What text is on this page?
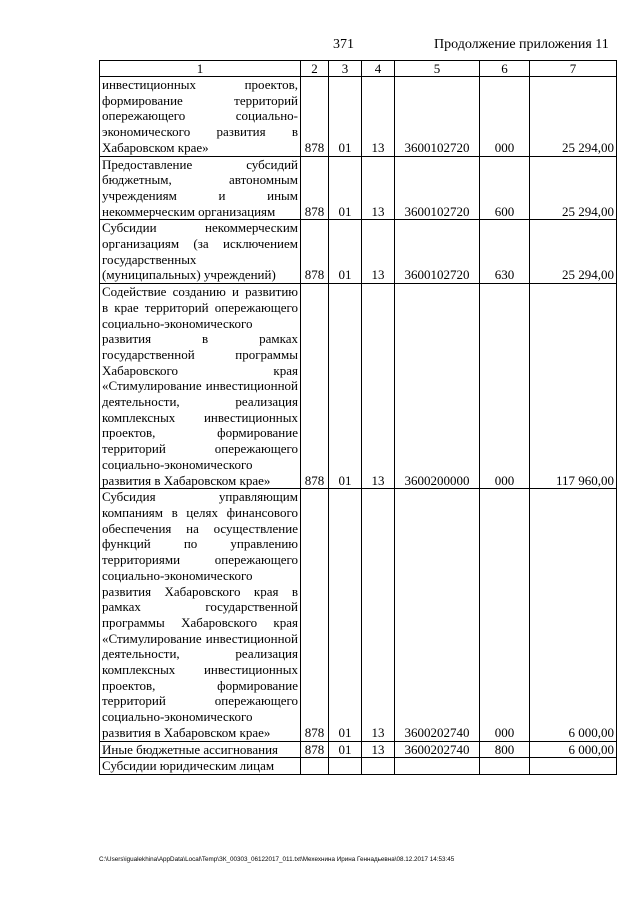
371	Продолжение приложения 11
1	2	3	4	5	6	7
инвестиционных проектов, формирование территорий опережающего социально-экономического развития в Хабаровском крае»	878	01	13	3600102720	000	25 294,00
Предоставление субсидий бюджетным, автономным учреждениям и иным некоммерческим организациям	878	01	13	3600102720	600	25 294,00
Субсидии некоммерческим организациям (за исключением государственных (муниципальных) учреждений)	878	01	13	3600102720	630	25 294,00
Содействие созданию и развитию в крае территорий опережающего социально-экономического развития в рамках государственной программы Хабаровского края «Стимулирование инвестиционной деятельности, реализация комплексных инвестиционных проектов, формирование территорий опережающего социально-экономического развития в Хабаровском крае»	878	01	13	3600200000	000	117 960,00
Субсидия управляющим компаниям в целях финансового обеспечения на осуществление функций по управлению территориями опережающего социально-экономического развития Хабаровского края в рамках государственной программы Хабаровского края «Стимулирование инвестиционной деятельности, реализация комплексных инвестиционных проектов, формирование территорий опережающего социально-экономического развития в Хабаровском крае»	878	01	13	3600202740	000	6 000,00
Иные бюджетные ассигнования	878	01	13	3600202740	800	6 000,00
Субсидии юридическим лицам						
C:\Users\igualekhina\AppData\Local\Temp\ЗК_00303_06122017_011.txt\Мехехнина Ирина Геннадьевна\08.12.2017 14:53:45
